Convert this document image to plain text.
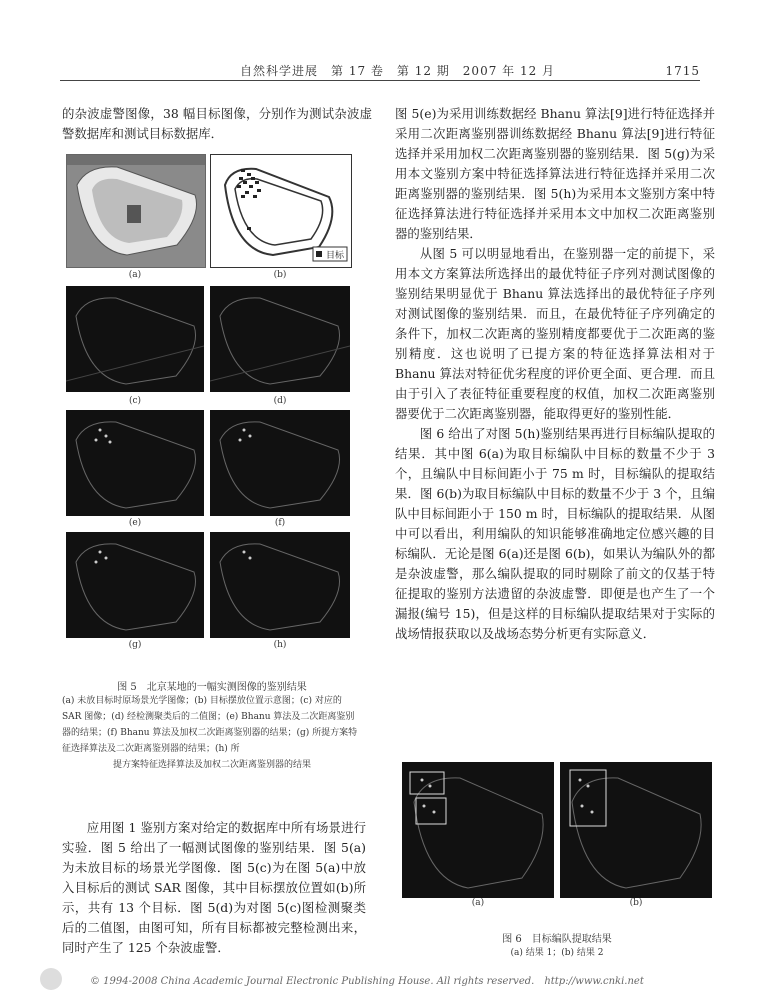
自然科学进展　第 17 卷　第 12 期　2007 年 12 月	1715

的杂波虚警图像，38 幅目标图像，分别作为测试杂波虚警数据库和测试目标数据库．

目标
(a)	(b)
(c)	(d)
(e)	(f)
(g)	(h)
图 5　北京某地的一幅实测图像的鉴别结果
(a) 未放目标时原场景光学图像；(b) 目标摆放位置示意图；(c) 对应的 SAR 图像；(d) 经检测聚类后的二值图；(e) Bhanu 算法及二次距离鉴别器的结果；(f) Bhanu 算法及加权二次距离鉴别器的结果；(g) 所提方案特征选择算法及二次距离鉴别器的结果；(h) 所
提方案特征选择算法及加权二次距离鉴别器的结果

应用图 1 鉴别方案对给定的数据库中所有场景进行实验．图 5 给出了一幅测试图像的鉴别结果．图 5(a)为未放目标的场景光学图像．图 5(c)为在图 5(a)中放入目标后的测试 SAR 图像，其中目标摆放位置如(b)所示，共有 13 个目标．图 5(d)为对图 5(c)图检测聚类后的二值图，由图可知，所有目标都被完整检测出来，同时产生了 125 个杂波虚警．

图 5(e)为采用训练数据经 Bhanu 算法[9]进行特征选择并采用二次距离鉴别器训练数据经 Bhanu 算法[9]进行特征选择并采用加权二次距离鉴别器的鉴别结果．图 5(g)为采用本文鉴别方案中特征选择算法进行特征选择并采用二次距离鉴别器的鉴别结果．图 5(h)为采用本文鉴别方案中特征选择算法进行特征选择并采用本文中加权二次距离鉴别器的鉴别结果．

从图 5 可以明显地看出，在鉴别器一定的前提下，采用本文方案算法所选择出的最优特征子序列对测试图像的鉴别结果明显优于 Bhanu 算法选择出的最优特征子序列对测试图像的鉴别结果．而且，在最优特征子序列确定的条件下，加权二次距离的鉴别精度都要优于二次距离的鉴别精度．这也说明了已提方案的特征选择算法相对于 Bhanu 算法对特征优劣程度的评价更全面、更合理．而且由于引入了表征特征重要程度的权值，加权二次距离鉴别器要优于二次距离鉴别器，能取得更好的鉴别性能．

图 6 给出了对图 5(h)鉴别结果再进行目标编队提取的结果．其中图 6(a)为取目标编队中目标的数量不少于 3 个，且编队中目标间距小于 75 m 时，目标编队的提取结果．图 6(b)为取目标编队中目标的数量不少于 3 个，且编队中目标间距小于 150 m 时，目标编队的提取结果．从图中可以看出，利用编队的知识能够准确地定位感兴趣的目标编队．无论是图 6(a)还是图 6(b)，如果认为编队外的都是杂波虚警，那么编队提取的同时剔除了前文的仅基于特征提取的鉴别方法遗留的杂波虚警．即便是也产生了一个漏报(编号 15)，但是这样的目标编队提取结果对于实际的战场情报获取以及战场态势分析更有实际意义．

(a)	(b)
图 6　目标编队提取结果
(a) 结果 1；(b) 结果 2
© 1994-2008 China Academic Journal Electronic Publishing House. All rights reserved.　http://www.cnki.net
